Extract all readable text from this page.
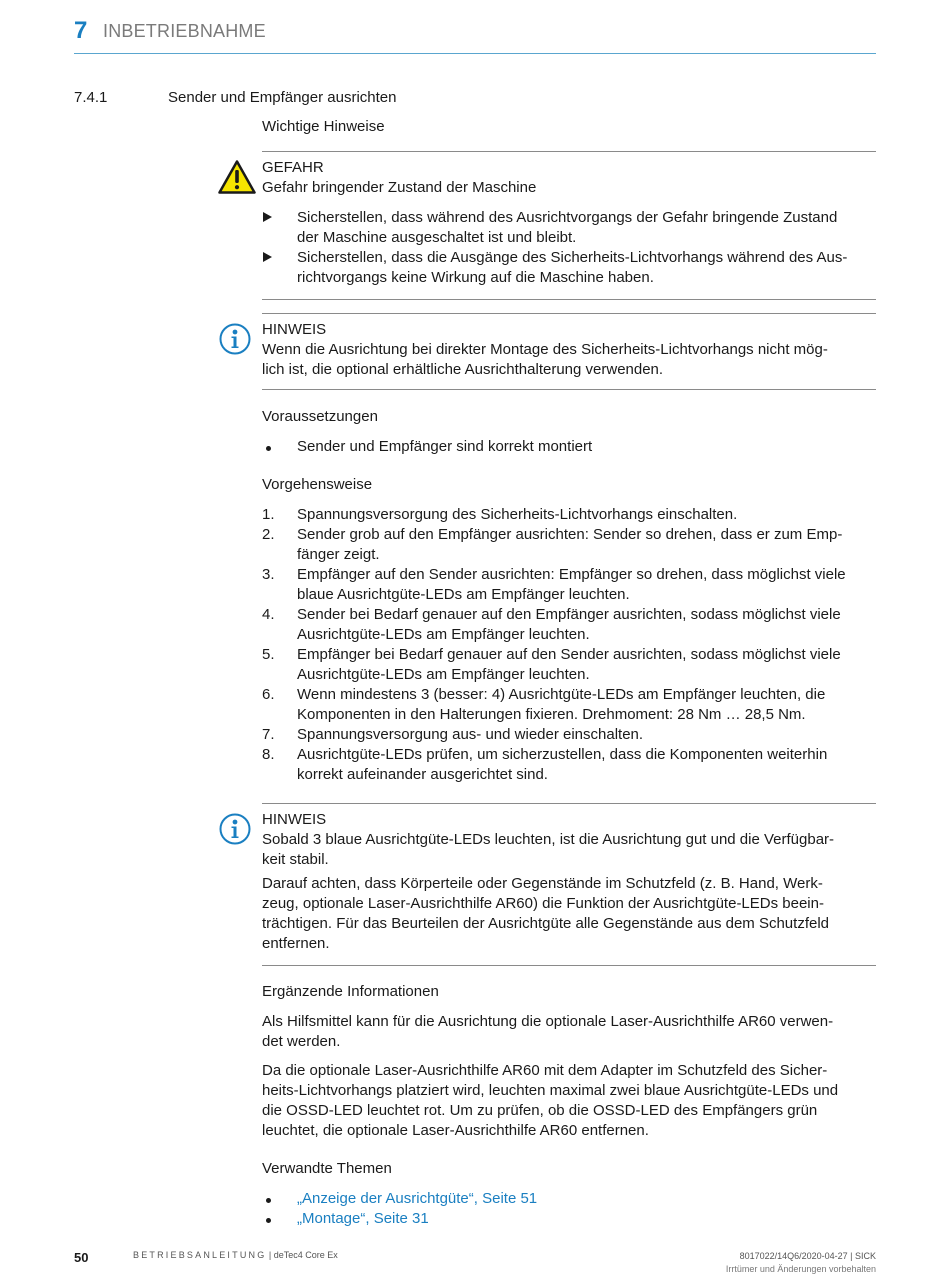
7 INBETRIEBNAHME
7.4.1	Sender und Empfänger ausrichten
Wichtige Hinweise
GEFAHR
Gefahr bringender Zustand der Maschine
Sicherstellen, dass während des Ausrichtvorgangs der Gefahr bringende Zustand
der Maschine ausgeschaltet ist und bleibt.
Sicherstellen, dass die Ausgänge des Sicherheits-Lichtvorhangs während des Aus-
richtvorgangs keine Wirkung auf die Maschine haben.
HINWEIS
Wenn die Ausrichtung bei direkter Montage des Sicherheits-Lichtvorhangs nicht mög-
lich ist, die optional erhältliche Ausrichthalterung verwenden.
Voraussetzungen
Sender und Empfänger sind korrekt montiert
Vorgehensweise
1. Spannungsversorgung des Sicherheits-Lichtvorhangs einschalten.
2. Sender grob auf den Empfänger ausrichten: Sender so drehen, dass er zum Emp-
fänger zeigt.
3. Empfänger auf den Sender ausrichten: Empfänger so drehen, dass möglichst viele
blaue Ausrichtgüte-LEDs am Empfänger leuchten.
4. Sender bei Bedarf genauer auf den Empfänger ausrichten, sodass möglichst viele
Ausrichtgüte-LEDs am Empfänger leuchten.
5. Empfänger bei Bedarf genauer auf den Sender ausrichten, sodass möglichst viele
Ausrichtgüte-LEDs am Empfänger leuchten.
6. Wenn mindestens 3 (besser: 4) Ausrichtgüte-LEDs am Empfänger leuchten, die
Komponenten in den Halterungen fixieren. Drehmoment: 28 Nm … 28,5 Nm.
7. Spannungsversorgung aus- und wieder einschalten.
8. Ausrichtgüte-LEDs prüfen, um sicherzustellen, dass die Komponenten weiterhin
korrekt aufeinander ausgerichtet sind.
HINWEIS
Sobald 3 blaue Ausrichtgüte-LEDs leuchten, ist die Ausrichtung gut und die Verfügbar-
keit stabil.
Darauf achten, dass Körperteile oder Gegenstände im Schutzfeld (z. B. Hand, Werk-
zeug, optionale Laser-Ausrichthilfe AR60) die Funktion der Ausrichtgüte-LEDs beein-
trächtigen. Für das Beurteilen der Ausrichtgüte alle Gegenstände aus dem Schutzfeld
entfernen.
Ergänzende Informationen
Als Hilfsmittel kann für die Ausrichtung die optionale Laser-Ausrichthilfe AR60 verwen-
det werden.
Da die optionale Laser-Ausrichthilfe AR60 mit dem Adapter im Schutzfeld des Sicher-
heits-Lichtvorhangs platziert wird, leuchten maximal zwei blaue Ausrichtgüte-LEDs und
die OSSD-LED leuchtet rot. Um zu prüfen, ob die OSSD-LED des Empfängers grün
leuchtet, die optionale Laser-Ausrichthilfe AR60 entfernen.
Verwandte Themen
„Anzeige der Ausrichtgüte“, Seite 51
„Montage“, Seite 31
50	BETRIEBSANLEITUNG | deTec4 Core Ex	8017022/14Q6/2020-04-27 | SICK
Irrtümer und Änderungen vorbehalten
